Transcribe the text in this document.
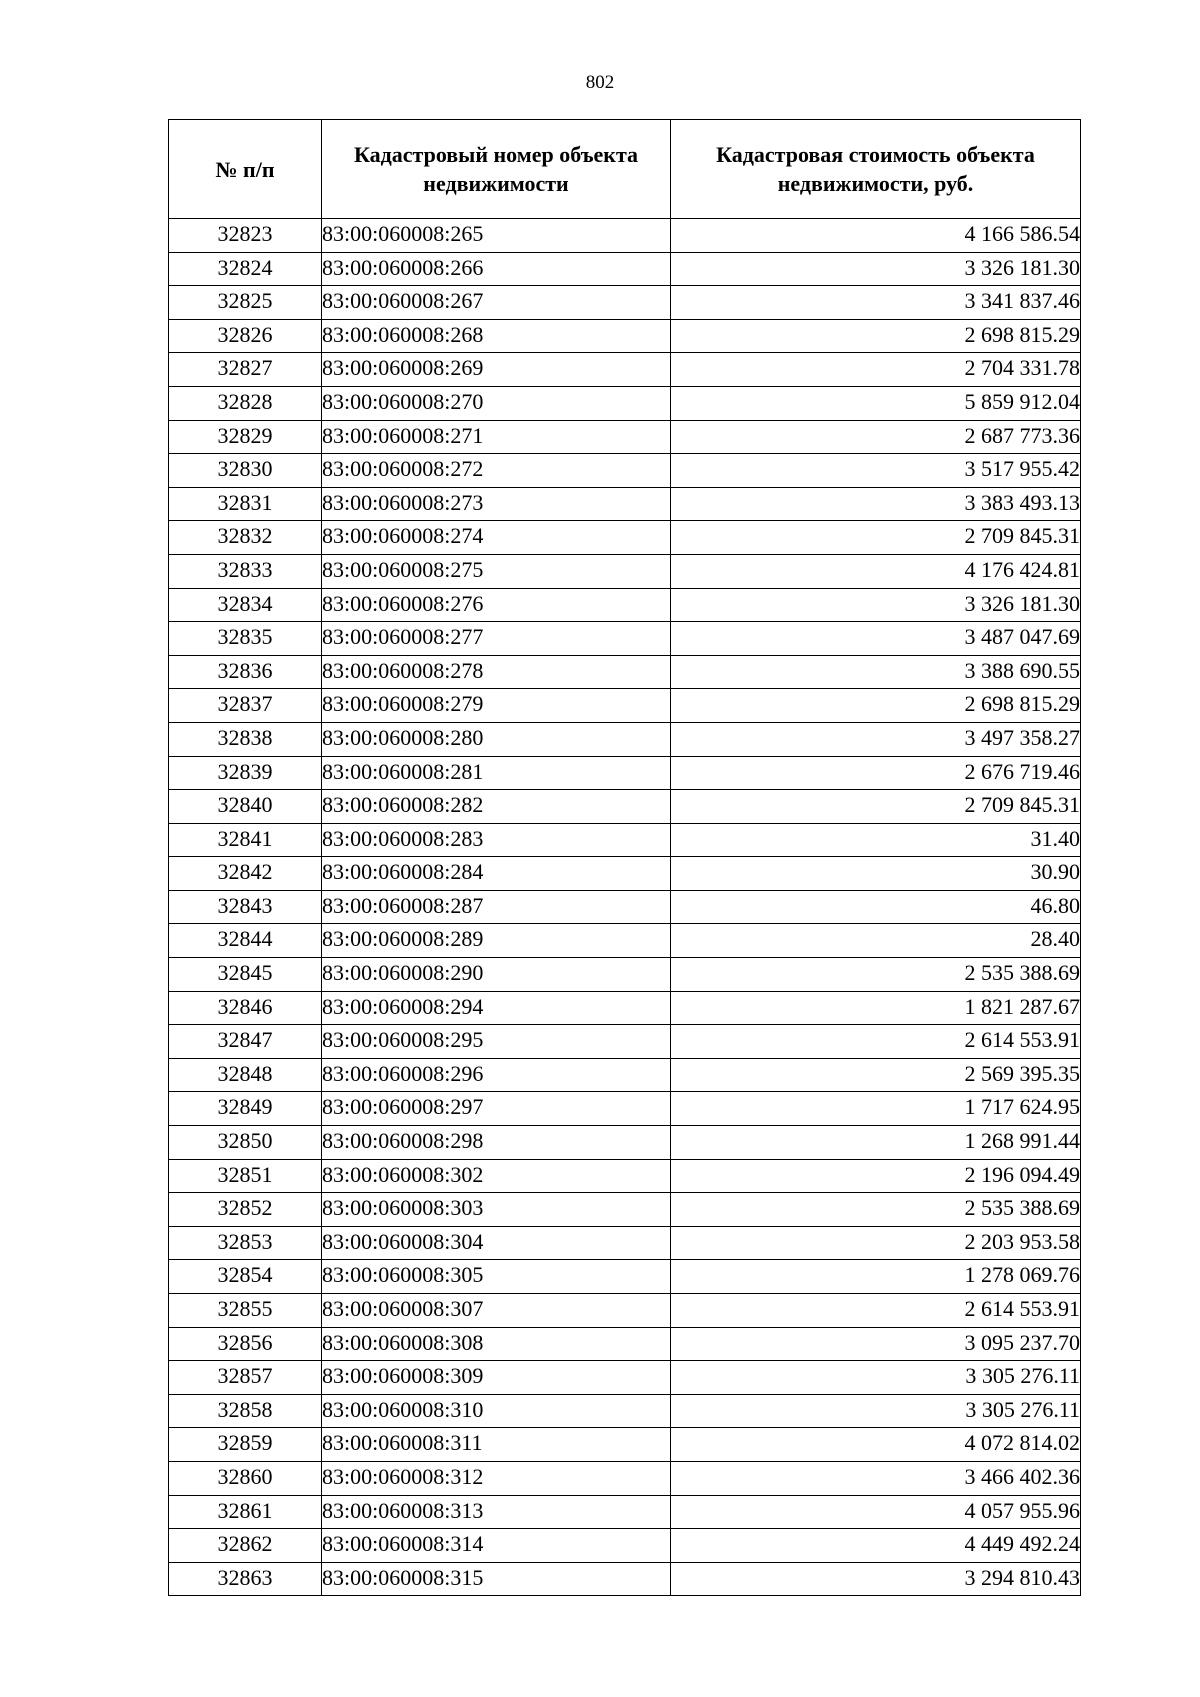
802
№ п/п	Кадастровый номер объекта недвижимости	Кадастровая стоимость объекта недвижимости, руб.
32823	83:00:060008:265	4 166 586.54
32824	83:00:060008:266	3 326 181.30
32825	83:00:060008:267	3 341 837.46
32826	83:00:060008:268	2 698 815.29
32827	83:00:060008:269	2 704 331.78
32828	83:00:060008:270	5 859 912.04
32829	83:00:060008:271	2 687 773.36
32830	83:00:060008:272	3 517 955.42
32831	83:00:060008:273	3 383 493.13
32832	83:00:060008:274	2 709 845.31
32833	83:00:060008:275	4 176 424.81
32834	83:00:060008:276	3 326 181.30
32835	83:00:060008:277	3 487 047.69
32836	83:00:060008:278	3 388 690.55
32837	83:00:060008:279	2 698 815.29
32838	83:00:060008:280	3 497 358.27
32839	83:00:060008:281	2 676 719.46
32840	83:00:060008:282	2 709 845.31
32841	83:00:060008:283	31.40
32842	83:00:060008:284	30.90
32843	83:00:060008:287	46.80
32844	83:00:060008:289	28.40
32845	83:00:060008:290	2 535 388.69
32846	83:00:060008:294	1 821 287.67
32847	83:00:060008:295	2 614 553.91
32848	83:00:060008:296	2 569 395.35
32849	83:00:060008:297	1 717 624.95
32850	83:00:060008:298	1 268 991.44
32851	83:00:060008:302	2 196 094.49
32852	83:00:060008:303	2 535 388.69
32853	83:00:060008:304	2 203 953.58
32854	83:00:060008:305	1 278 069.76
32855	83:00:060008:307	2 614 553.91
32856	83:00:060008:308	3 095 237.70
32857	83:00:060008:309	3 305 276.11
32858	83:00:060008:310	3 305 276.11
32859	83:00:060008:311	4 072 814.02
32860	83:00:060008:312	3 466 402.36
32861	83:00:060008:313	4 057 955.96
32862	83:00:060008:314	4 449 492.24
32863	83:00:060008:315	3 294 810.43
